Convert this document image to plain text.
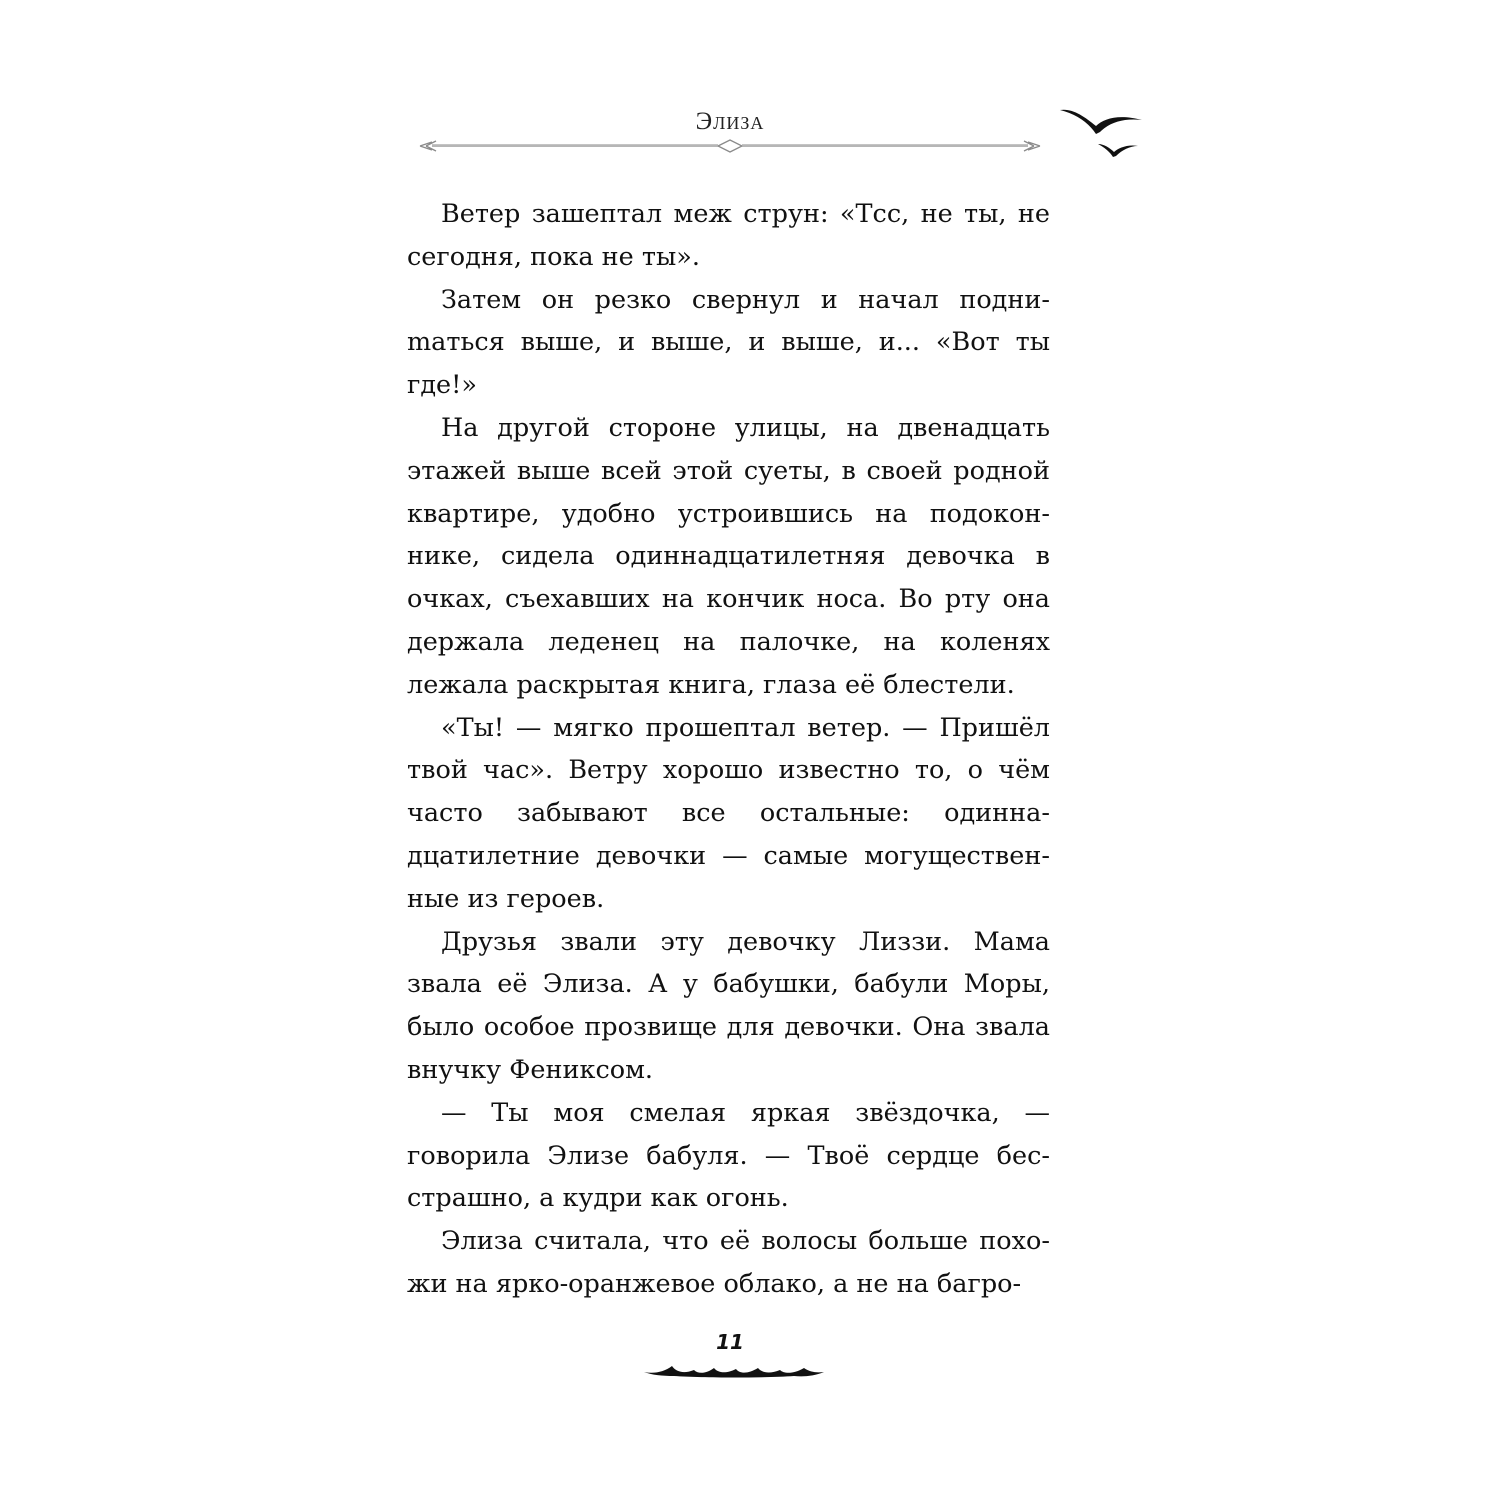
Элиза

Ветер зашептал меж струн: «Тсс, не ты, не сегодня, пока не ты».

Затем он резко свернул и начал подниmаться выше, и выше, и выше, и... «Вот ты где!»

На другой стороне улицы, на двенадцать этажей выше всей этой суеты, в своей родной квартире, удобно устроившись на подоконнике, сидела одиннадцатилетняя девочка в очках, съехавших на кончик носа. Во рту она держала леденец на палочке, на коленях лежала раскрытая книга, глаза её блестели.

«Ты! — мягко прошептал ветер. — Пришёл твой час». Ветру хорошо известно то, о чём часто забывают все остальные: одиннадцатилетние девочки — самые могущественные из героев.

Друзья звали эту девочку Лиззи. Мама звала её Элиза. А у бабушки, бабули Моры, было особое прозвище для девочки. Она звала внучку Фениксом.

— Ты моя смелая яркая звёздочка, — говорила Элизе бабуля. — Твоё сердце бесстрашно, а кудри как огонь.

Элиза считала, что её волосы больше похожи на ярко-оранжевое облако, а не на багро-

11
